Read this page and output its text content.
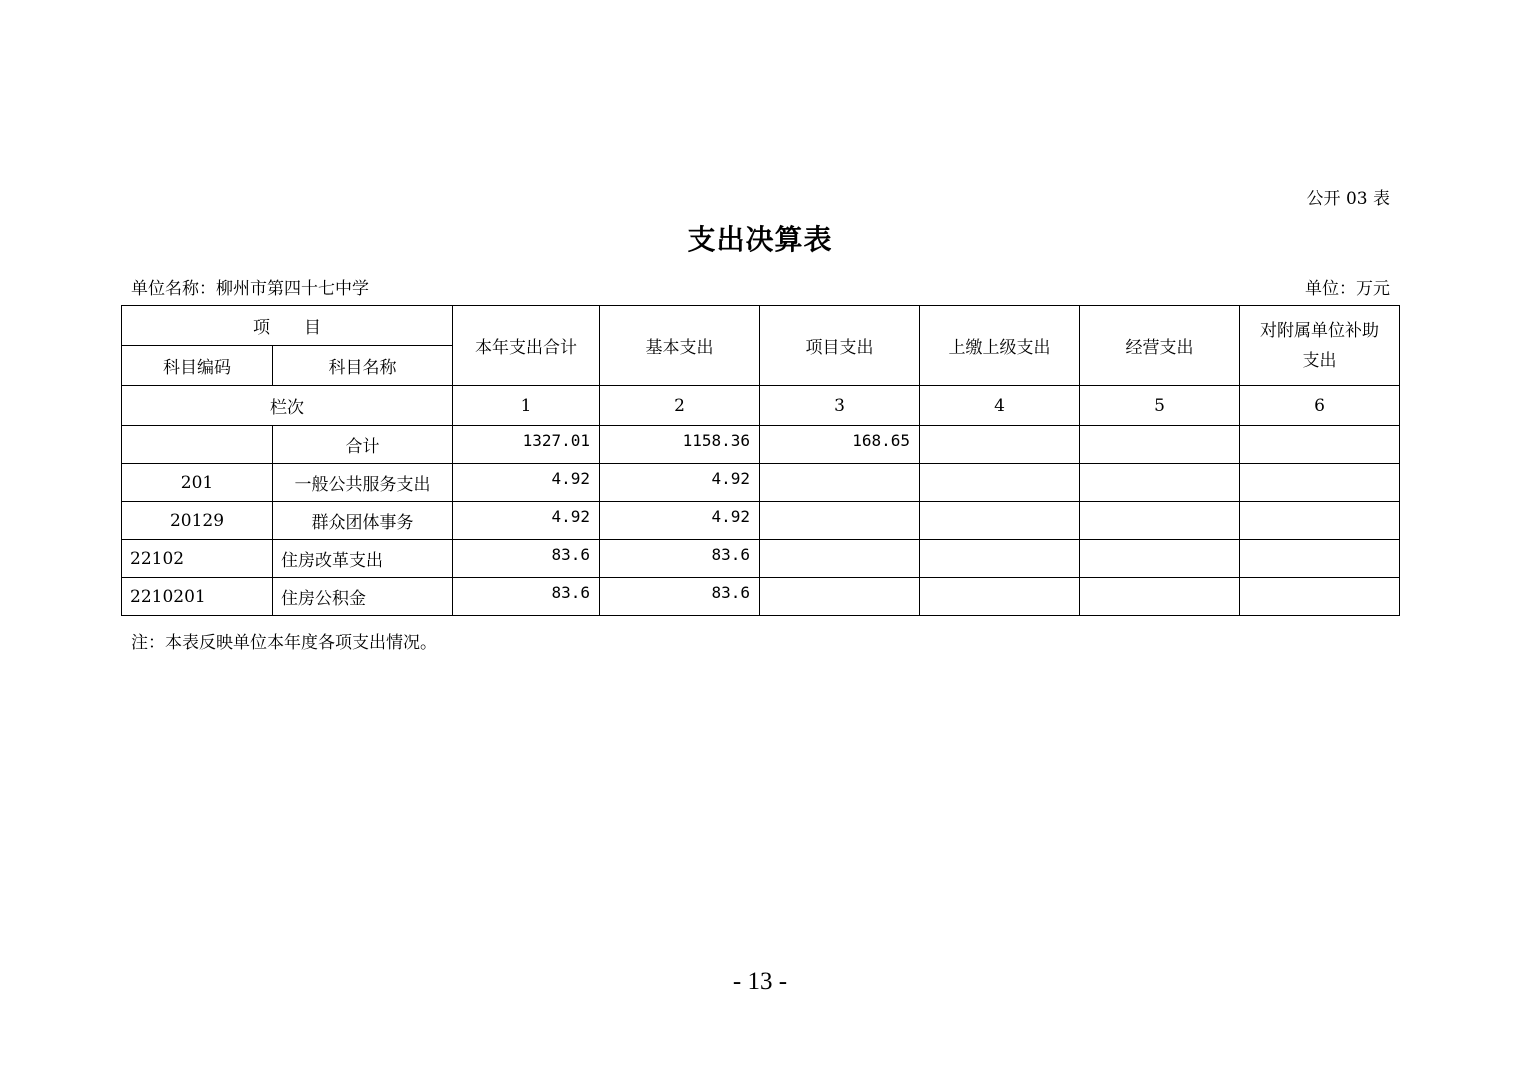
公开 03 表
支出决算表
单位名称：柳州市第四十七中学	单位：万元
项　　目		本年支出合计	基本支出	项目支出	上缴上级支出	经营支出	对附属单位补助支出
科目编码	科目名称						
栏次		1	2	3	4	5	6
	合计	1327.01	1158.36	168.65			
201	一般公共服务支出	4.92	4.92				
20129	群众团体事务	4.92	4.92				
22102	住房改革支出	83.6	83.6				
2210201	住房公积金	83.6	83.6				
注：本表反映单位本年度各项支出情况。
- 13 -
